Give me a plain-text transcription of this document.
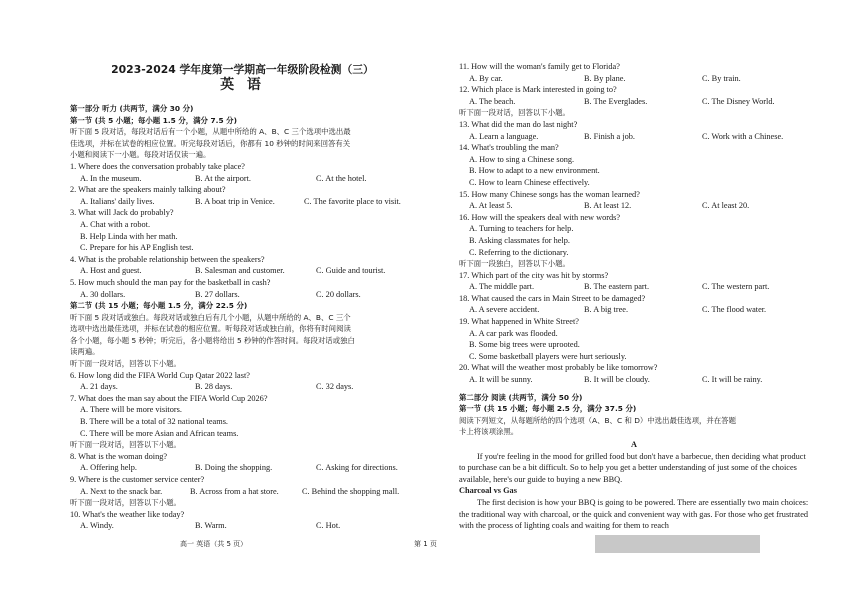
2023-2024 学年度第一学期高一年级阶段检测（三）
英 语
第一部分 听力 (共两节，满分 30 分)
第一节 (共 5 小题；每小题 1.5 分，满分 7.5 分)
听下面 5 段对话，每段对话后有一个小题，从题中所给的 A、B、C 三个选项中选出最
佳选项，并标在试卷的相应位置。听完每段对话后，你都有 10 秒钟的时间来回答有关
小题和阅读下一小题。每段对话仅读一遍。
1. Where does the conversation probably take place?
A. In the museum.	B. At the airport.	C. At the hotel.
2. What are the speakers mainly talking about?
A. Italians' daily lives.	B. A boat trip in Venice.	C. The favorite place to visit.
3. What will Jack do probably?
A. Chat with a robot.
B. Help Linda with her math.
C. Prepare for his AP English test.
4. What is the probable relationship between the speakers?
A. Host and guest.	B. Salesman and customer.	C. Guide and tourist.
5. How much should the man pay for the basketball in cash?
A. 30 dollars.	B. 27 dollars.	C. 20 dollars.
第二节 (共 15 小题；每小题 1.5 分，满分 22.5 分)
听下面 5 段对话或独白。每段对话或独白后有几个小题，从题中所给的 A、B、C 三个
选项中选出最佳选项，并标在试卷的相应位置。听每段对话或独白前，你将有时间阅读
各个小题，每小题 5 秒钟；听完后，各小题将给出 5 秒钟的作答时间。每段对话或独白
读两遍。
听下面一段对话，回答以下小题。
6. How long did the FIFA World Cup Qatar 2022 last?
A. 21 days.	B. 28 days.	C. 32 days.
7. What does the man say about the FIFA World Cup 2026?
A. There will be more visitors.
B. There will be a total of 32 national teams.
C. There will be more Asian and African teams.
听下面一段对话，回答以下小题。
8. What is the woman doing?
A. Offering help.	B. Doing the shopping.	C. Asking for directions.
9. Where is the customer service center?
A. Next to the snack bar.	B. Across from a hat store.	C. Behind the shopping mall.
听下面一段对话，回答以下小题。
10. What's the weather like today?
A. Windy.	B. Warm.	C. Hot.
11. How will the woman's family get to Florida?
A. By car.	B. By plane.	C. By train.
12. Which place is Mark interested in going to?
A. The beach.	B. The Everglades.	C. The Disney World.
听下面一段对话，回答以下小题。
13. What did the man do last night?
A. Learn a language.	B. Finish a job.	C. Work with a Chinese.
14. What's troubling the man?
A. How to sing a Chinese song.
B. How to adapt to a new environment.
C. How to learn Chinese effectively.
15. How many Chinese songs has the woman learned?
A. At least 5.	B. At least 12.	C. At least 20.
16. How will the speakers deal with new words?
A. Turning to teachers for help.
B. Asking classmates for help.
C. Referring to the dictionary.
听下面一段独白，回答以下小题。
17. Which part of the city was hit by storms?
A. The middle part.	B. The eastern part.	C. The western part.
18. What caused the cars in Main Street to be damaged?
A. A severe accident.	B. A big tree.	C. The flood water.
19. What happened in White Street?
A. A car park was flooded.
B. Some big trees were uprooted.
C. Some basketball players were hurt seriously.
20. What will the weather most probably be like tomorrow?
A. It will be sunny.	B. It will be cloudy.	C. It will be rainy.
第二部分 阅读 (共两节，满分 50 分)
第一节 (共 15 小题；每小题 2.5 分，满分 37.5 分)
阅读下列短文，从每题所给的四个选项（A、B、C 和 D）中选出最佳选项，并在答题
卡上将该项涂黑。
A
If you're feeling in the mood for grilled food but don't have a barbecue, then deciding what product to purchase can be a bit difficult. So to help you get a better understanding of just some of the choices available, here's our guide to buying a new BBQ.
Charcoal vs Gas
The first decision is how your BBQ is going to be powered. There are essentially two main choices: the traditional way with charcoal, or the quick and convenient way with gas. For those who get frustrated with the process of lighting coals and waiting for them to reach
高一 英语（共 5 页）	第 1 页
